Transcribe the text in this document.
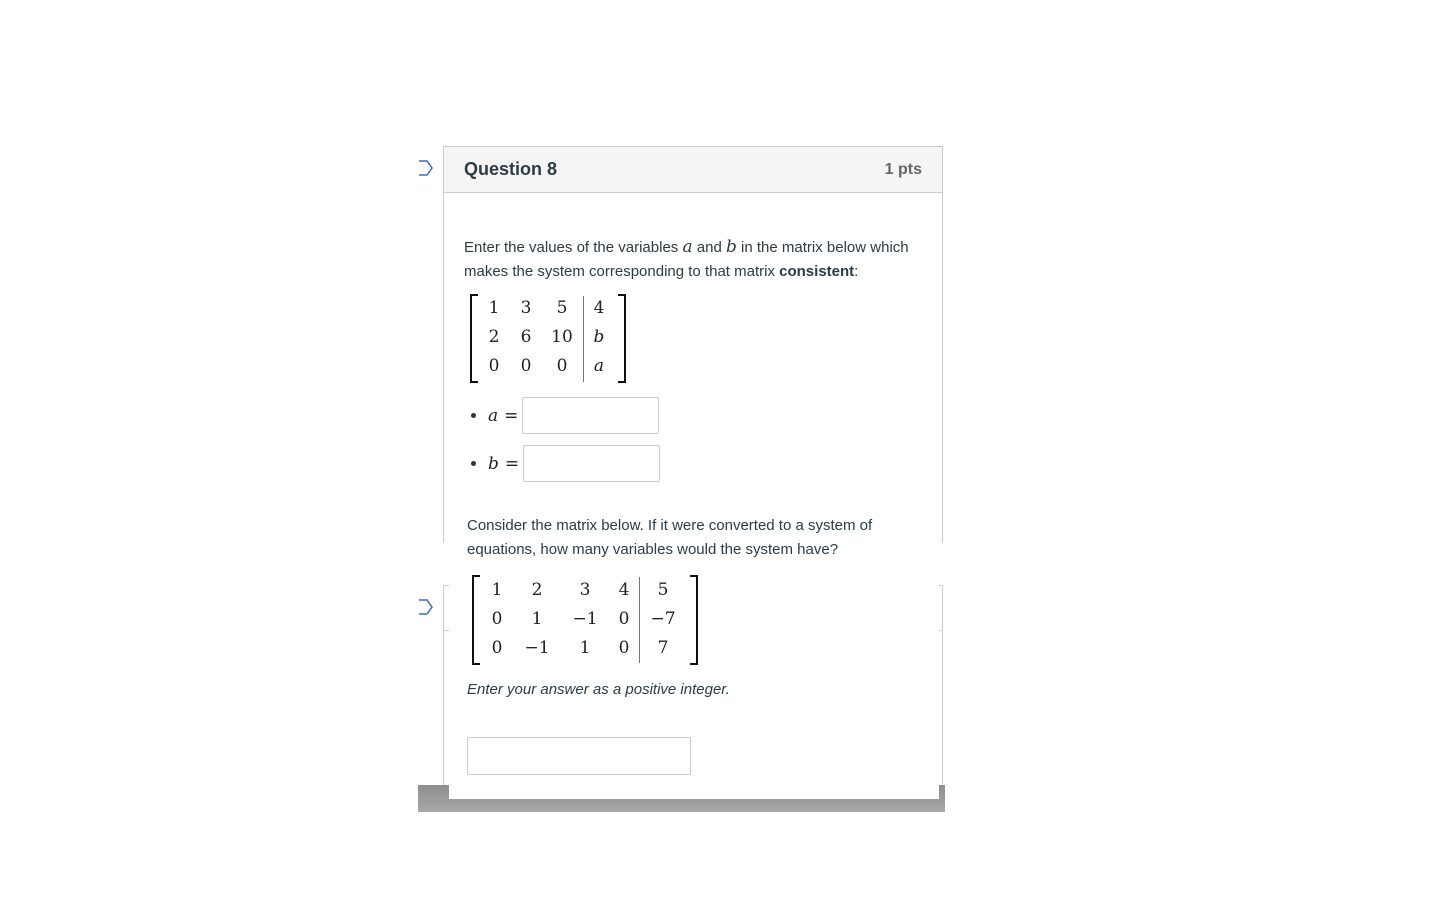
Question 8	1 pts
Enter the values of the variables a and b in the matrix below which makes the system corresponding to that matrix consistent:
1	3	5	4
2	6	10	b
0	0	0	a
a =
b =
Consider the matrix below. If it were converted to a system of equations, how many variables would the system have?
1	2	3	4	5
0	1	−1	0	−7
0	−1	1	0	7
Enter your answer as a positive integer.
